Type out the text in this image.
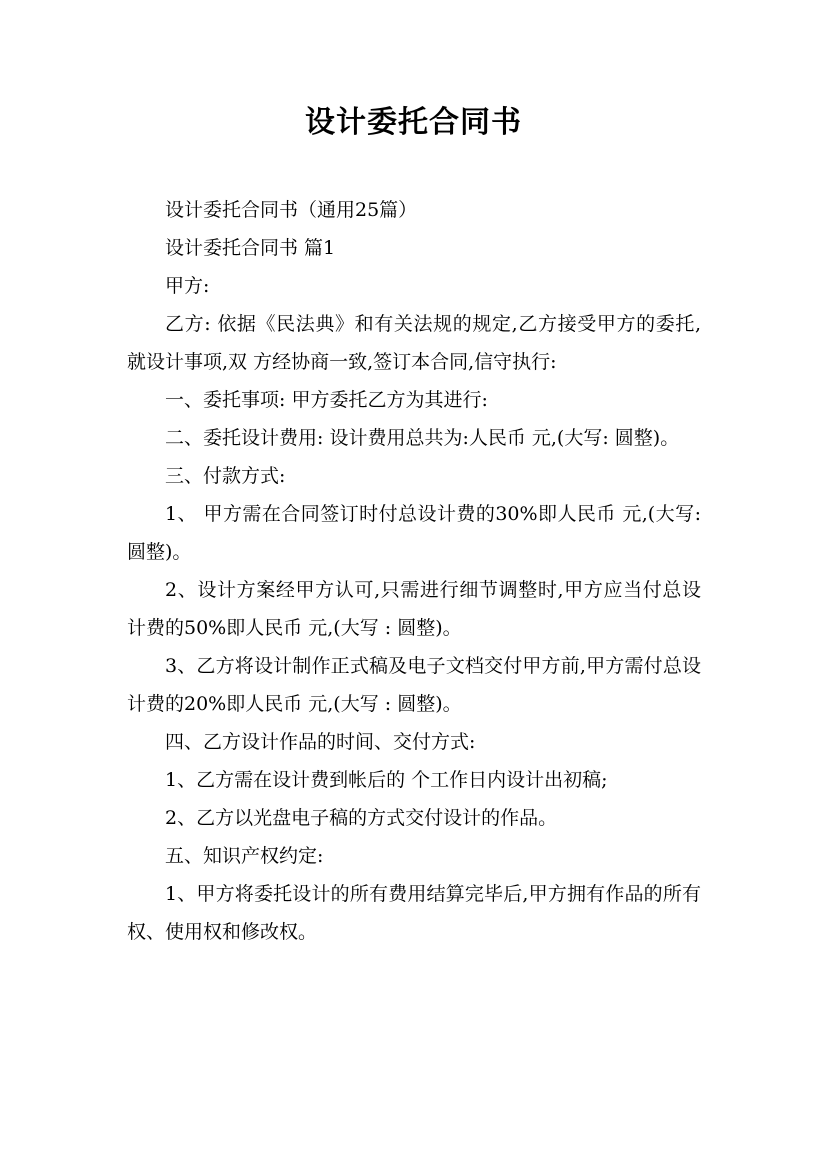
设计委托合同书

设计委托合同书（通用25篇）

设计委托合同书 篇1

甲方:

乙方: 依据《民法典》和有关法规的规定,乙方接受甲方的委托,就设计事项,双 方经协商一致,签订本合同,信守执行:

一、委托事项: 甲方委托乙方为其进行:

二、委托设计费用: 设计费用总共为:人民币 元,(大写: 圆整)。

三、付款方式:

1、 甲方需在合同签订时付总设计费的30%即人民币 元,(大写: 圆整)。

2、设计方案经甲方认可,只需进行细节调整时,甲方应当付总设计费的50%即人民币 元,(大写 : 圆整)。

3、乙方将设计制作正式稿及电子文档交付甲方前,甲方需付总设计费的20%即人民币 元,(大写 : 圆整)。

四、乙方设计作品的时间、交付方式:

1、乙方需在设计费到帐后的 个工作日内设计出初稿;

2、乙方以光盘电子稿的方式交付设计的作品。

五、知识产权约定:

1、甲方将委托设计的所有费用结算完毕后,甲方拥有作品的所有权、使用权和修改权。
